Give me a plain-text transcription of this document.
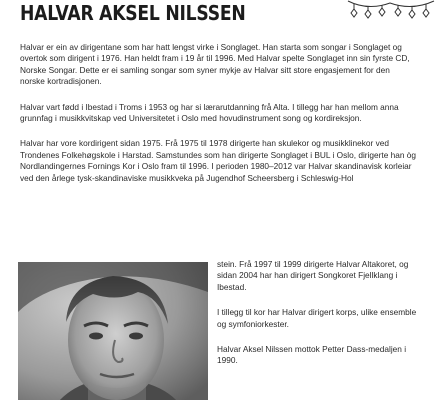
HALVAR AKSEL NILSSEN

Halvar er ein av dirigentane som har hatt lengst virke i Songlaget. Han starta som songar i Songlaget og overtok som dirigent i 1976. Han heldt fram i 19 år til 1996. Med Halvar spelte Songlaget inn sin fyrste CD, Norske Songar. Dette er ei samling songar som syner mykje av Halvar sitt store engasjement for den norske kortradisjonen.

Halvar vart fødd i Ibestad i Troms i 1953 og har si lærarutdanning frå Alta. I tillegg har han mellom anna grunnfag i musikkvitskap ved Universitetet i Oslo med hovudinstrument song og kordireksjon.

Halvar har vore kordirigent sidan 1975. Frå 1975 til 1978 dirigerte han skulekor og musikklinekor ved Trondenes Folkehøgskole i Harstad. Samstundes som han dirigerte Songlaget i BUL i Oslo, dirigerte han òg Nordlandingernes Fornings Kor i Oslo fram til 1996. I perioden 1980–2012 var Halvar skandinavisk korleiar ved den årlege tysk-skandinaviske musikkveka på Jugendhof Scheersberg i Schleswig-Hol

stein. Frå 1997 til 1999 dirigerte Halvar Altakoret, og sidan 2004 har han dirigert Songkoret Fjellklang i Ibestad.

I tillegg til kor har Halvar dirigert korps, ulike ensemble og symfoniorkester.

Halvar Aksel Nilssen mottok Petter Dass-medaljen i 1990.
